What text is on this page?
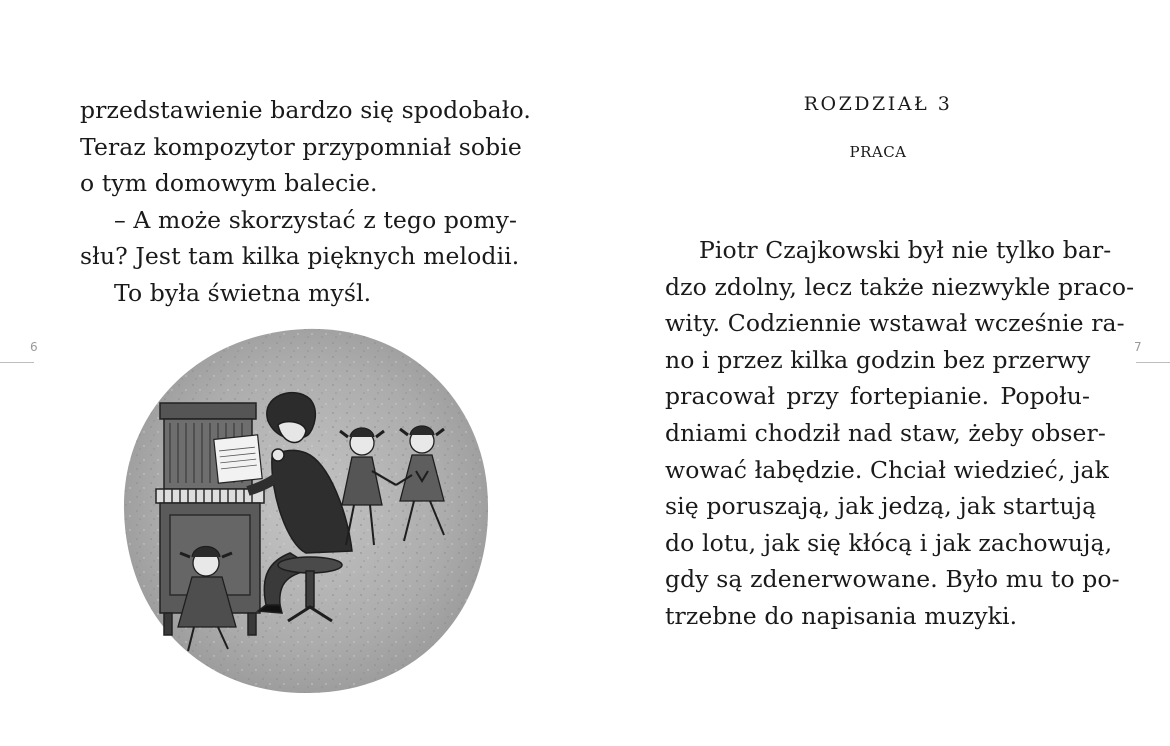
przedstawienie bardzo się spodobało.
Teraz kompozytor przypomniał sobie
o tym domowym balecie.
– A może skorzystać z tego pomy-
słu? Jest tam kilka pięknych melodii.
To była świetna myśl.
6
ROZDZIAŁ 3
PRACA
Piotr Czajkowski był nie tylko bar-
dzo zdolny, lecz także niezwykle praco-
wity. Codziennie wstawał wcześnie ra-
no i przez kilka godzin bez przerwy
pracował przy fortepianie. Popołu-
dniami chodził nad staw, żeby obser-
wować łabędzie. Chciał wiedzieć, jak
się poruszają, jak jedzą, jak startują
do lotu, jak się kłócą i jak zachowują,
gdy są zdenerwowane. Było mu to po-
trzebne do napisania muzyki.
7
